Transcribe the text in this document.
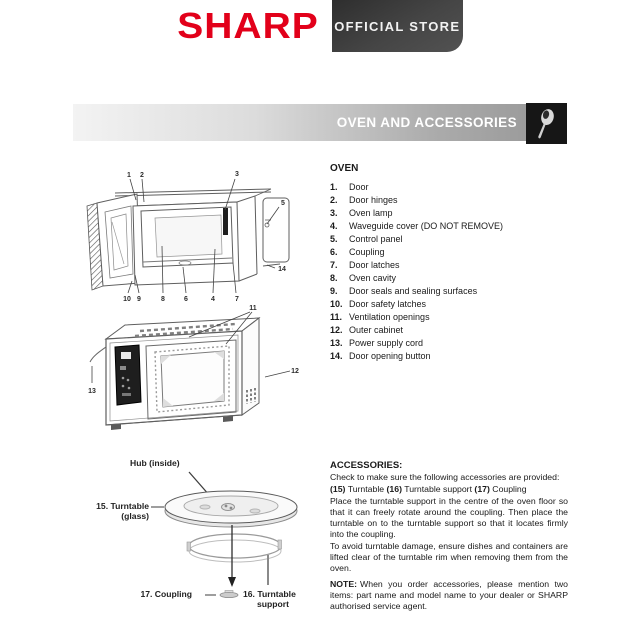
SHARP OFFICIAL STORE
OVEN AND ACCESSORIES
1 2	3
5
14
10 9	8	6	4	7
11
12
13
OVEN
1.	Door
2.	Door hinges
3.	Oven lamp
4.	Waveguide cover (DO NOT REMOVE)
5.	Control panel
6.	Coupling
7.	Door latches
8.	Oven cavity
9.	Door seals and sealing surfaces
10. Door safety latches
11. Ventilation openings
12. Outer cabinet
13. Power supply cord
14. Door opening button
Hub (inside)
15. Turntable
(glass)
17. Coupling	16. Turntable
support

ACCESSORIES:

Check to make sure the following accessories are provided:

(15) Turntable (16) Turntable support (17) Coupling

Place the turntable support in the centre of the oven floor so that it can freely rotate around the coupling. Then place the turntable on to the turntable support so that it locates firmly into the coupling.

To avoid turntable damage, ensure dishes and containers are lifted clear of the turntable rim when removing them from the oven.

NOTE: When you order accessories, please mention two items: part name and model name to your dealer or SHARP authorised service agent.
